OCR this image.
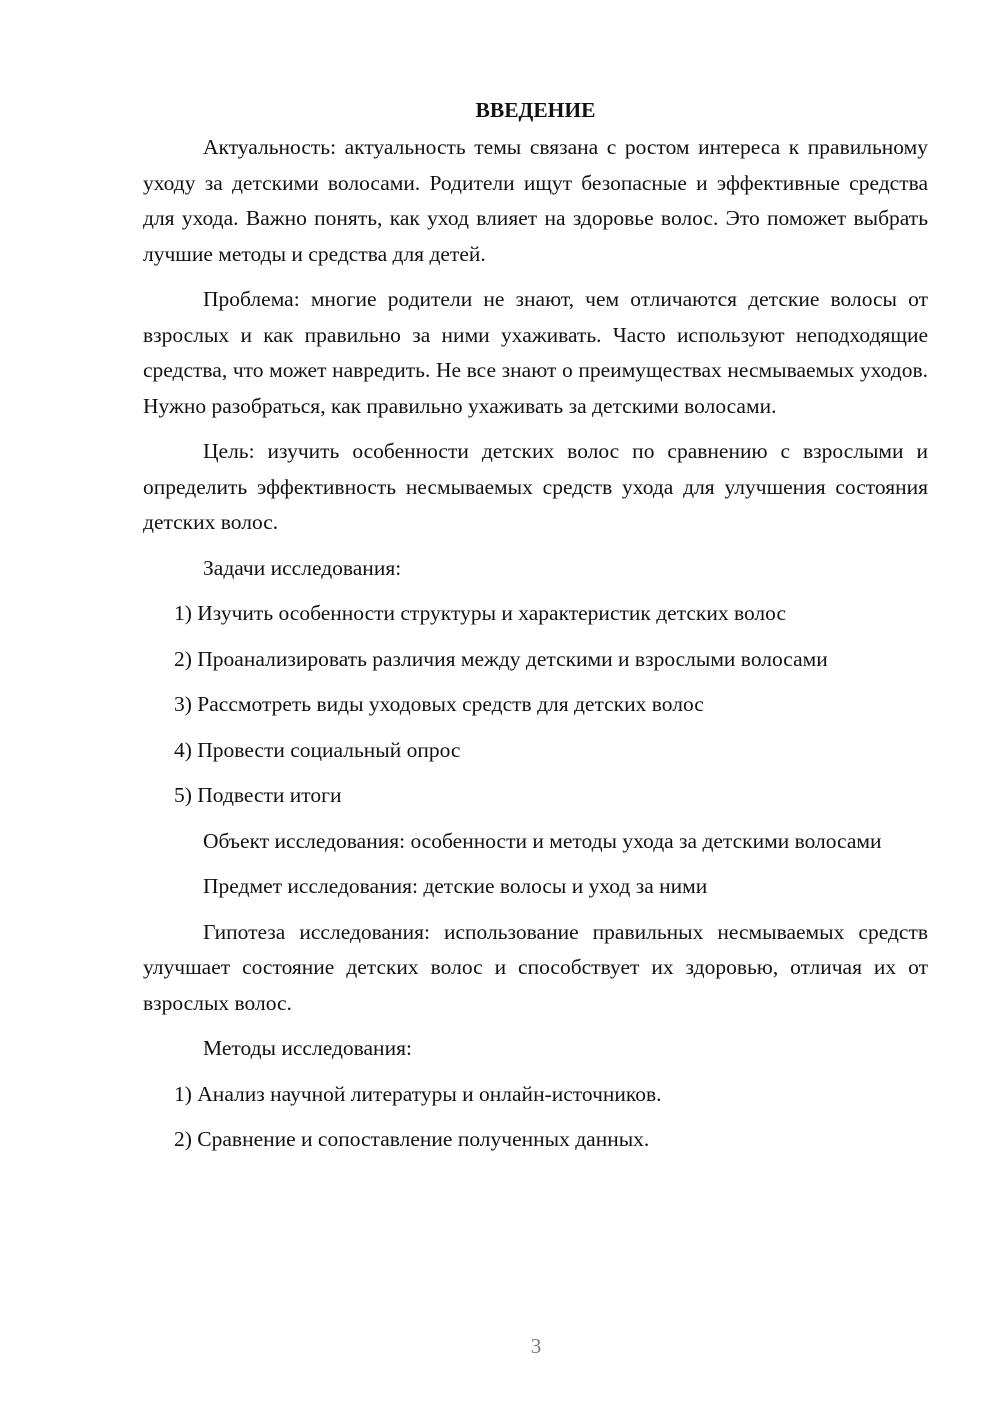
ВВЕДЕНИЕ

Актуальность: актуальность темы связана с ростом интереса к правильному уходу за детскими волосами. Родители ищут безопасные и эффективные средства для ухода. Важно понять, как уход влияет на здоровье волос. Это поможет выбрать лучшие методы и средства для детей.

Проблема: многие родители не знают, чем отличаются детские волосы от взрослых и как правильно за ними ухаживать. Часто используют неподходящие средства, что может навредить. Не все знают о преимуществах несмываемых уходов. Нужно разобраться, как правильно ухаживать за детскими волосами.

Цель: изучить особенности детских волос по сравнению с взрослыми и определить эффективность несмываемых средств ухода для улучшения состояния детских волос.

Задачи исследования:

1) Изучить особенности структуры и характеристик детских волос

2) Проанализировать различия между детскими и взрослыми волосами

3) Рассмотреть виды уходовых средств для детских волос

4) Провести социальный опрос

5) Подвести итоги

Объект исследования: особенности и методы ухода за детскими волосами

Предмет исследования: детские волосы и уход за ними

Гипотеза исследования: использование правильных несмываемых средств улучшает состояние детских волос и способствует их здоровью, отличая их от взрослых волос.

Методы исследования:

1) Анализ научной литературы и онлайн-источников.

2) Сравнение и сопоставление полученных данных.

3
